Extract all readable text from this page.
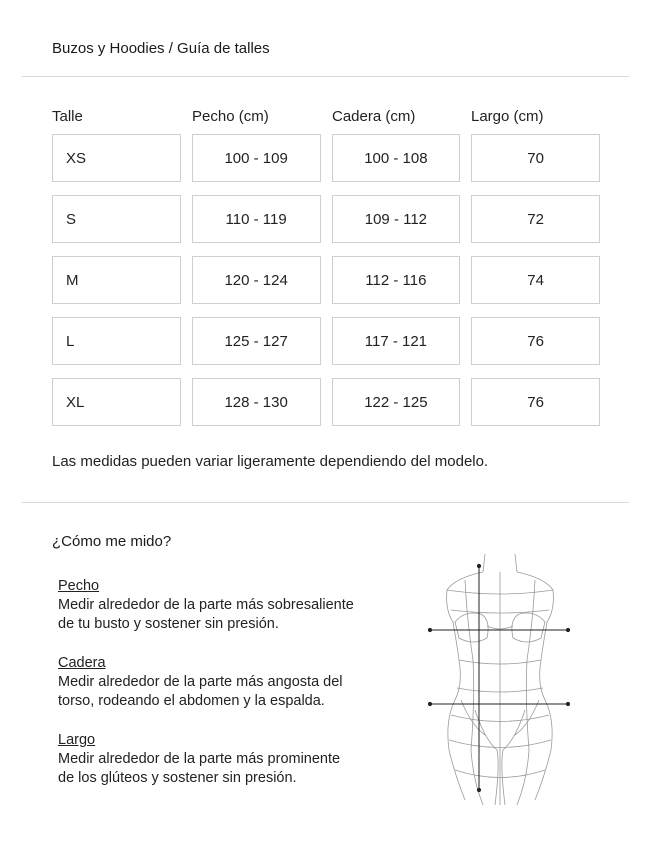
Buzos y Hoodies / Guía de talles
Talle	Pecho (cm)	Cadera (cm)	Largo (cm)
XS	100 - 109	100 - 108	70
S	110 - 119	109 - 112	72
M	120 - 124	112 - 116	74
L	125 - 127	117 - 121	76
XL	128 - 130	122 - 125	76
Las medidas pueden variar ligeramente dependiendo del modelo.
¿Cómo me mido?
Pecho
Medir alrededor de la parte más sobresaliente
de tu busto y sostener sin presión.
Cadera
Medir alrededor de la parte más angosta del
torso, rodeando el abdomen y la espalda.
Largo
Medir alrededor de la parte más prominente
de los glúteos y sostener sin presión.
